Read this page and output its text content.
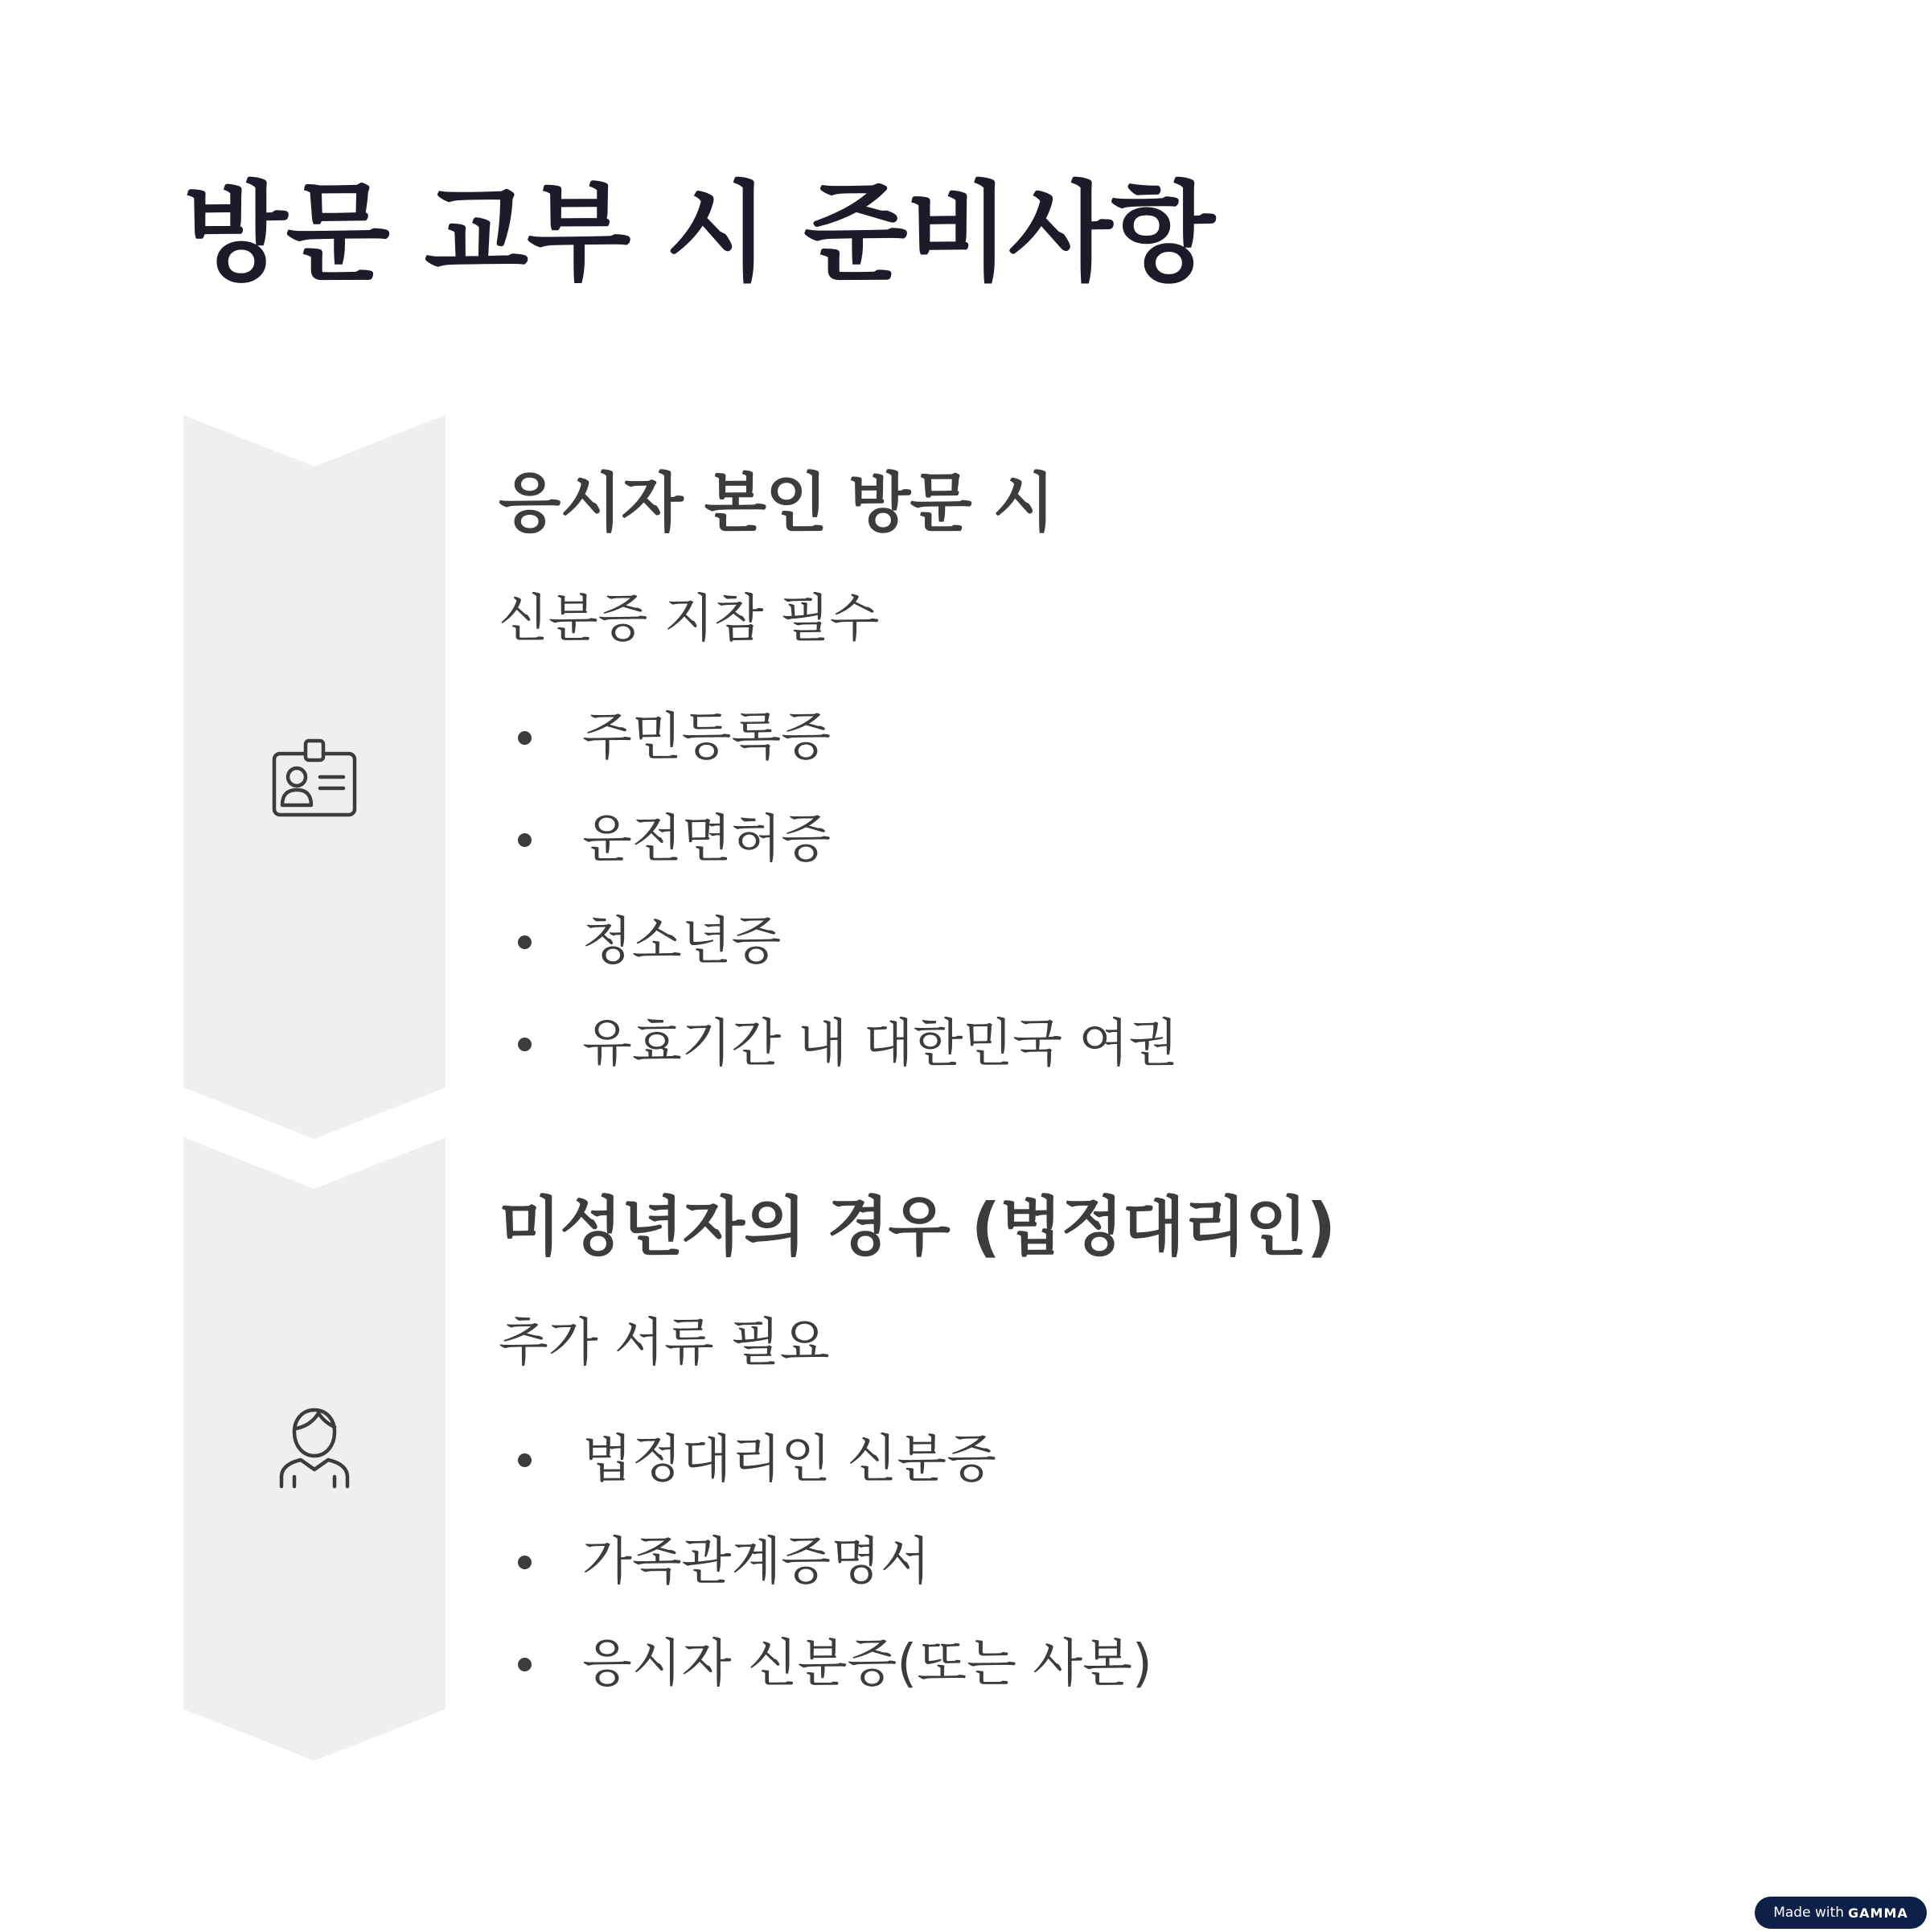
방문 교부 시 준비사항
응시자 본인 방문 시

신분증 지참 필수

주민등록증
운전면허증
청소년증
유효기간 내 대한민국 여권
미성년자의 경우 (법정대리인)

추가 서류 필요

법정대리인 신분증
가족관계증명서
응시자 신분증(또는 사본)
Made with GAMMA
